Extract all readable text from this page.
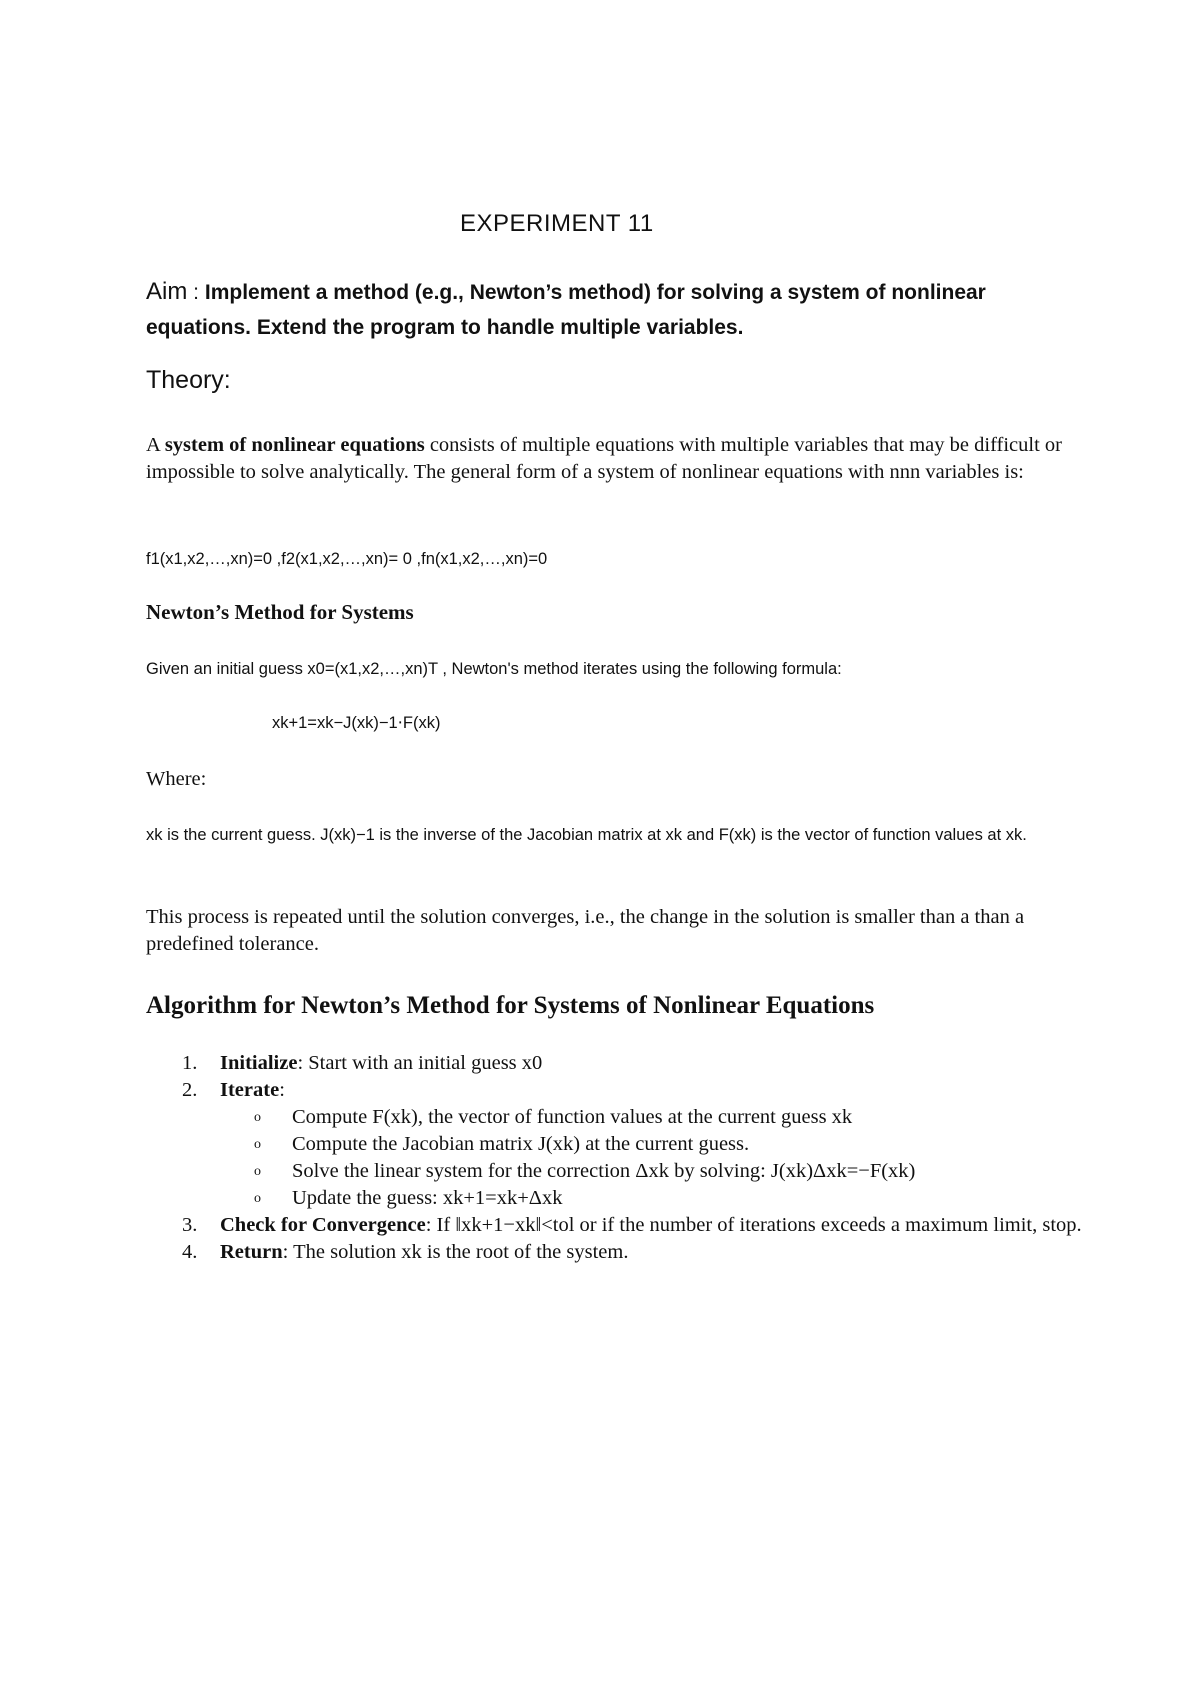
EXPERIMENT 11
Aim : Implement a method (e.g., Newton’s method) for solving a system of nonlinear equations. Extend the program to handle multiple variables.
Theory:
A system of nonlinear equations consists of multiple equations with multiple variables that may be difficult or impossible to solve analytically. The general form of a system of nonlinear equations with nnn variables is:
f1(x1,x2,…,xn)=0 ,f2(x1,x2,…,xn)= 0 ,fn(x1,x2,…,xn)=0
Newton’s Method for Systems
Given an initial guess x0=(x1,x2,…,xn)T , Newton's method iterates using the following formula:
xk+1=xk−J(xk)−1⋅F(xk)
Where:
xk is the current guess. J(xk)−1 is the inverse of the Jacobian matrix at xk and F(xk) is the vector of function values at xk.
This process is repeated until the solution converges, i.e., the change in the solution is smaller than a than a predefined tolerance.
Algorithm for Newton’s Method for Systems of Nonlinear Equations
1. Initialize: Start with an initial guess x0
2. Iterate:
o Compute F(xk), the vector of function values at the current guess xk
o Compute the Jacobian matrix J(xk) at the current guess.
o Solve the linear system for the correction Δxk by solving: J(xk)Δxk=−F(xk)
o Update the guess: xk+1=xk+Δxk
3. Check for Convergence: If ‖xk+1−xk‖<tol or if the number of iterations exceeds a maximum limit, stop.
4. Return: The solution xk is the root of the system.
